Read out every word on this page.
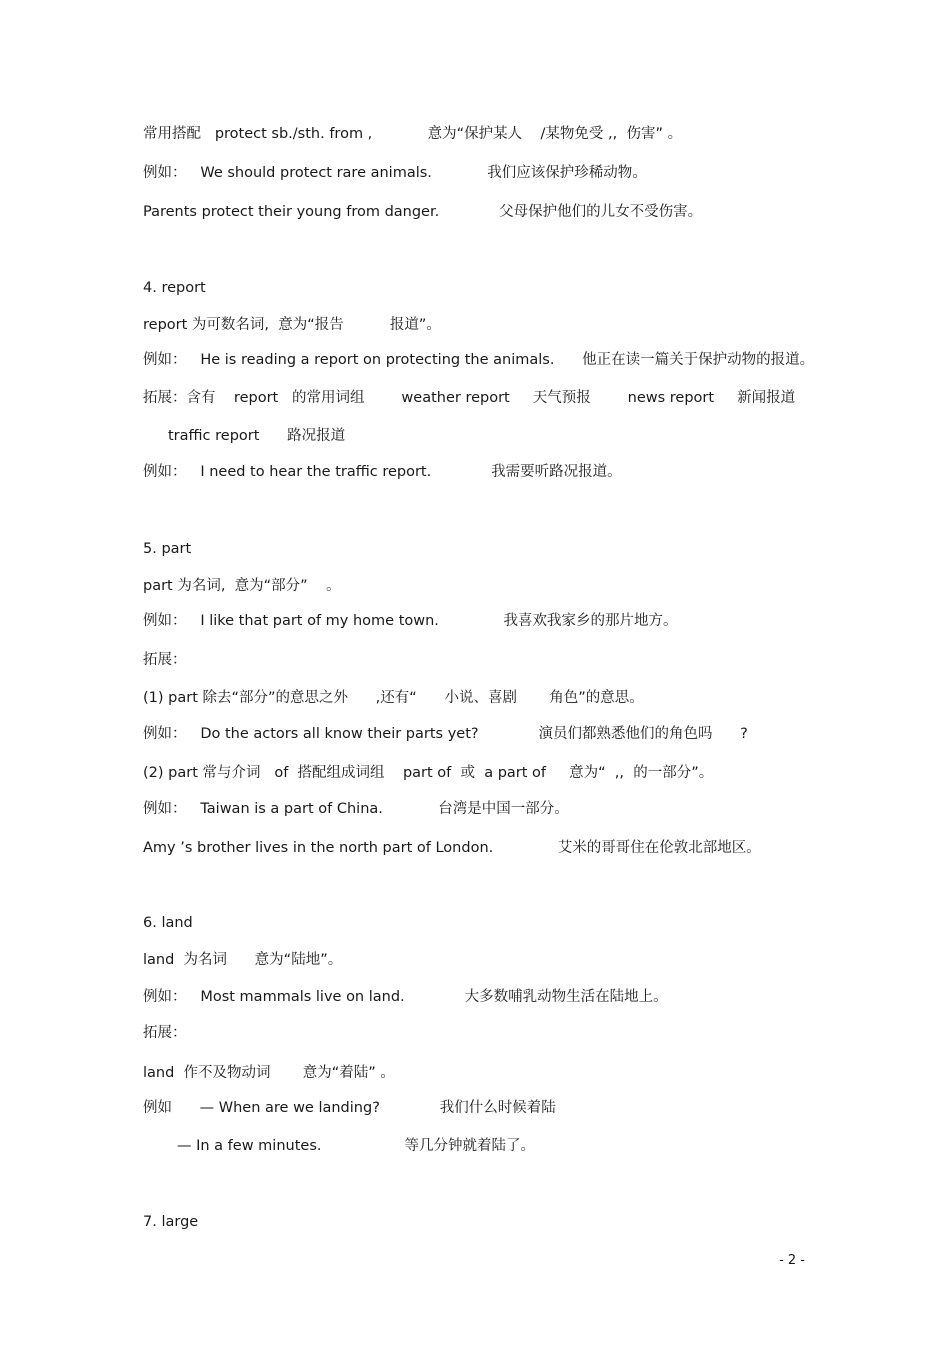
常用搭配   protect sb./sth. from ,            意为“保护某人    /某物免受 ,,  伤害” 。
例如：   We should protect rare animals.            我们应该保护珍稀动物。
Parents protect their young from danger.             父母保护他们的儿女不受伤害。
4. report
report 为可数名词,  意为“报告          报道”。
例如：   He is reading a report on protecting the animals.      他正在读一篇关于保护动物的报道。
拓展：含有    report   的常用词组        weather report     天气预报        news report     新闻报道
traffic report      路况报道
例如：   I need to hear the traffic report.             我需要听路况报道。
5. part
part 为名词,  意为“部分”    。
例如：   I like that part of my home town.              我喜欢我家乡的那片地方。
拓展：
(1) part 除去“部分”的意思之外      ,还有“      小说、喜剧       角色”的意思。
例如：   Do the actors all know their parts yet?             演员们都熟悉他们的角色吗      ?
(2) part 常与介词   of  搭配组成词组    part of  或  a part of     意为“  ,,  的一部分”。
例如：   Taiwan is a part of China.            台湾是中国一部分。
Amy ’s brother lives in the north part of London.              艾米的哥哥住在伦敦北部地区。
6. land
land  为名词      意为“陆地”。
例如：   Most mammals live on land.             大多数哺乳动物生活在陆地上。
拓展：
land  作不及物动词       意为“着陆” 。
例如      — When are we landing?             我们什么时候着陆
— In a few minutes.                  等几分钟就着陆了。
7. large
- 2 -
